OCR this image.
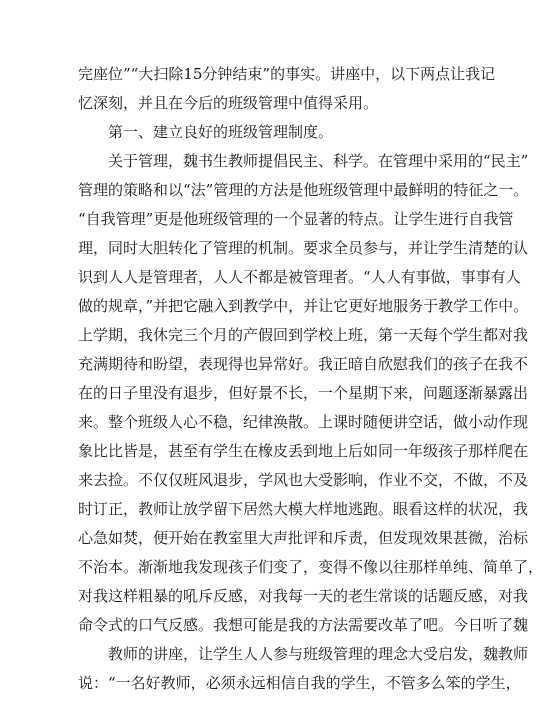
完座位”“大扫除15分钟结束”的事实。讲座中，以下两点让我记
忆深刻，并且在今后的班级管理中值得采用。
第一、建立良好的班级管理制度。
关于管理，魏书生教师提倡民主、科学。在管理中采用的“民主”
管理的策略和以“法”管理的方法是他班级管理中最鲜明的特征之一。
“自我管理”更是他班级管理的一个显著的特点。让学生进行自我管
理，同时大胆转化了管理的机制。要求全员参与，并让学生清楚的认
识到人人是管理者，人人不都是被管理者。“人人有事做，事事有人
做的规章，”并把它融入到教学中，并让它更好地服务于教学工作中。
上学期，我休完三个月的产假回到学校上班，第一天每个学生都对我
充满期待和盼望，表现得也异常好。我正暗自欣慰我们的孩子在我不
在的日子里没有退步，但好景不长，一个星期下来，问题逐渐暴露出
来。整个班级人心不稳，纪律涣散。上课时随便讲空话，做小动作现
象比比皆是，甚至有学生在橡皮丢到地上后如同一年级孩子那样爬在
来去捡。不仅仅班风退步，学风也大受影响，作业不交，不做，不及
时订正，教师让放学留下居然大模大样地逃跑。眼看这样的状况，我
心急如焚，便开始在教室里大声批评和斥责，但发现效果甚微，治标
不治本。渐渐地我发现孩子们变了，变得不像以往那样单纯、简单了，
对我这样粗暴的吼斥反感，对我每一天的老生常谈的话题反感，对我
命令式的口气反感。我想可能是我的方法需要改革了吧。今日听了魏
教师的讲座，让学生人人参与班级管理的理念大受启发，魏教师
说：“一名好教师，必须永远相信自我的学生，不管多么笨的学生，
